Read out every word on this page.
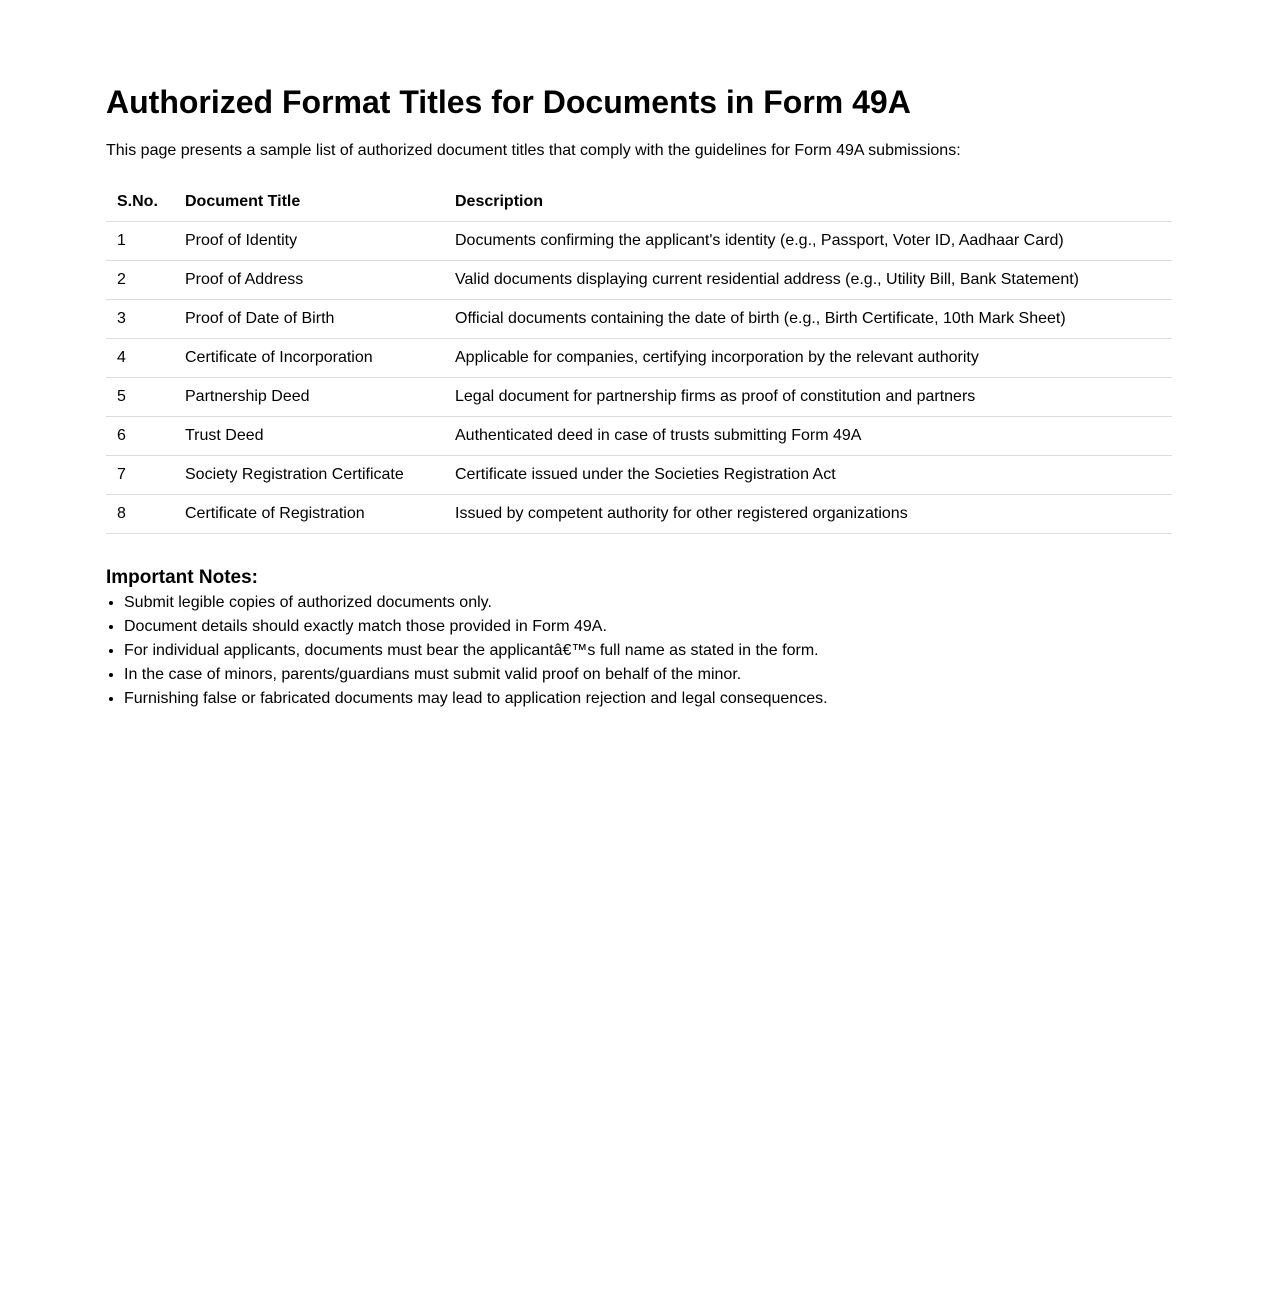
Authorized Format Titles for Documents in Form 49A

This page presents a sample list of authorized document titles that comply with the guidelines for Form 49A submissions:

S.No.	Document Title	Description
1	Proof of Identity	Documents confirming the applicant's identity (e.g., Passport, Voter ID, Aadhaar Card)
2	Proof of Address	Valid documents displaying current residential address (e.g., Utility Bill, Bank Statement)
3	Proof of Date of Birth	Official documents containing the date of birth (e.g., Birth Certificate, 10th Mark Sheet)
4	Certificate of Incorporation	Applicable for companies, certifying incorporation by the relevant authority
5	Partnership Deed	Legal document for partnership firms as proof of constitution and partners
6	Trust Deed	Authenticated deed in case of trusts submitting Form 49A
7	Society Registration Certificate	Certificate issued under the Societies Registration Act
8	Certificate of Registration	Issued by competent authority for other registered organizations
Important Notes:
• Submit legible copies of authorized documents only.
• Document details should exactly match those provided in Form 49A.
• For individual applicants, documents must bear the applicantâ€™s full name as stated in the form.
• In the case of minors, parents/guardians must submit valid proof on behalf of the minor.
• Furnishing false or fabricated documents may lead to application rejection and legal consequences.
